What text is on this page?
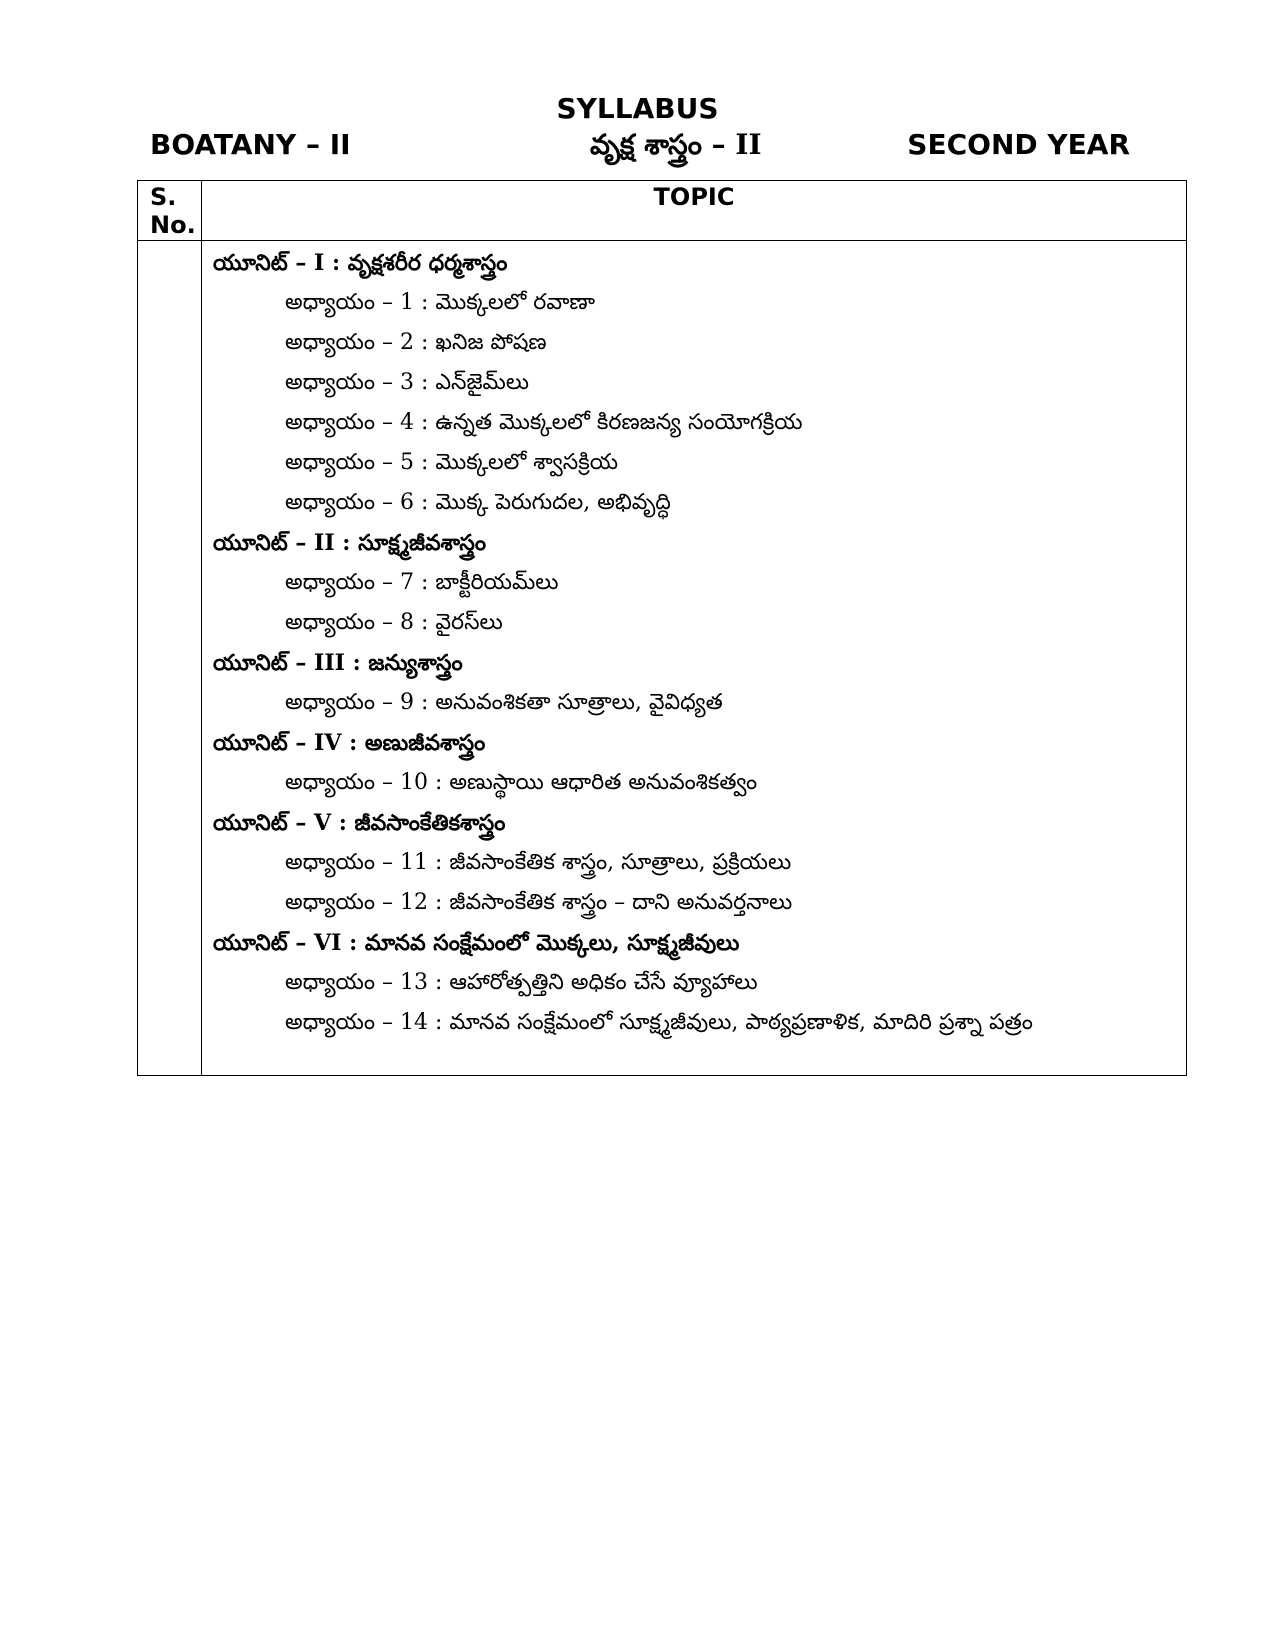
SYLLABUS
BOATANY – II	వృక్ష శాస్త్రం – II	SECOND YEAR
S. No.
TOPIC
యూనిట్ – I : వృక్షశరీర ధర్మశాస్త్రం
అధ్యాయం – 1 : మొక్కలలో రవాణా
అధ్యాయం – 2 : ఖనిజ పోషణ
అధ్యాయం – 3 : ఎన్‌జైమ్‌లు
అధ్యాయం – 4 : ఉన్నత మొక్కలలో కిరణజన్య సంయోగక్రియ
అధ్యాయం – 5 : మొక్కలలో శ్వాసక్రియ
అధ్యాయం – 6 : మొక్క పెరుగుదల, అభివృద్ధి
యూనిట్ – II : సూక్ష్మజీవశాస్త్రం
అధ్యాయం – 7 : బాక్టీరియమ్‌లు
అధ్యాయం – 8 : వైరస్‌లు
యూనిట్ – III : జన్యుశాస్త్రం
అధ్యాయం – 9 : అనువంశికతా సూత్రాలు, వైవిధ్యత
యూనిట్ – IV : అణుజీవశాస్త్రం
అధ్యాయం – 10 : అణుస్థాయి ఆధారిత అనువంశికత్వం
యూనిట్ – V : జీవసాంకేతికశాస్త్రం
అధ్యాయం – 11 : జీవసాంకేతిక శాస్త్రం, సూత్రాలు, ప్రక్రియలు
అధ్యాయం – 12 : జీవసాంకేతిక శాస్త్రం – దాని అనువర్తనాలు
యూనిట్ – VI : మానవ సంక్షేమంలో మొక్కలు, సూక్ష్మజీవులు
అధ్యాయం – 13 : ఆహారోత్పత్తిని అధికం చేసే వ్యూహాలు
అధ్యాయం – 14 : మానవ సంక్షేమంలో సూక్ష్మజీవులు, పాఠ్యప్రణాళిక, మాదిరి ప్రశ్నా పత్రం
